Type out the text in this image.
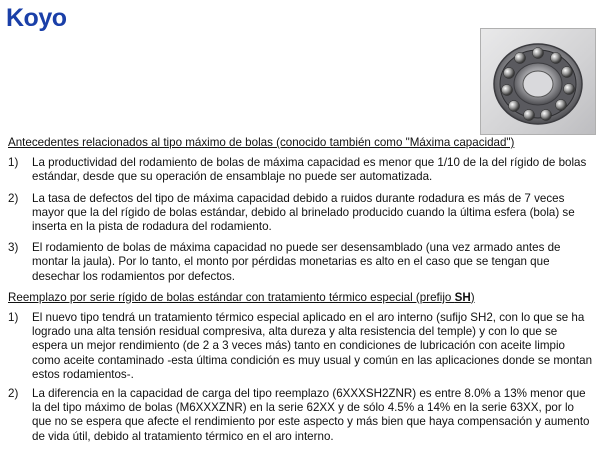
Koyo

Antecedentes relacionados al tipo máximo de bolas (conocido también como "Máxima capacidad")

1)	La productividad del rodamiento de bolas de máxima capacidad es menor que 1/10 de la del rígido de bolas estándar, desde que su operación de ensamblaje no puede ser automatizada.
2)	La tasa de defectos del tipo de máxima capacidad debido a ruidos durante rodadura es más de 7 veces mayor que la del rígido de bolas estándar, debido al brinelado producido cuando la última esfera (bola) se inserta en la pista de rodadura del rodamiento.
3)	El rodamiento de bolas de máxima capacidad no puede ser desensamblado (una vez armado antes de montar la jaula). Por lo tanto, el monto por pérdidas monetarias es alto en el caso que se tengan que desechar los rodamientos por defectos.

Reemplazo por serie rígido de bolas estándar con tratamiento térmico especial (prefijo SH)

1)	El nuevo tipo tendrá un tratamiento térmico especial aplicado en el aro interno (sufijo SH2, con lo que se ha logrado una alta tensión residual compresiva, alta dureza y alta resistencia del temple) y con lo que se espera un mejor rendimiento (de 2 a 3 veces más) tanto en condiciones de lubricación con aceite limpio como aceite contaminado -esta última condición es muy usual y común en las aplicaciones donde se montan estos rodamientos-.
2)	La diferencia en la capacidad de carga del tipo reemplazo (6XXXSH2ZNR) es entre 8.0% a 13% menor que la del tipo máximo de bolas (M6XXXZNR) en la serie 62XX y de sólo 4.5% a 14% en la serie 63XX, por lo que no se espera que afecte el rendimiento por este aspecto y más bien que haya compensación y aumento de vida útil, debido al tratamiento térmico en el aro interno.
